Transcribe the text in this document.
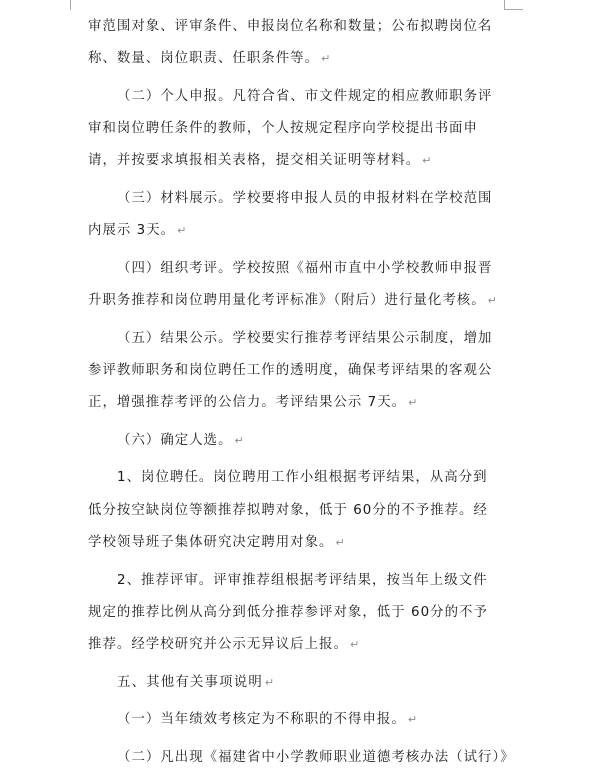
审范围对象、评审条件、申报岗位名称和数量；公布拟聘岗位名
称、数量、岗位职责、任职条件等。 ↵
（二）个人申报。凡符合省、市文件规定的相应教师职务评
审和岗位聘任条件的教师，个人按规定程序向学校提出书面申
请，并按要求填报相关表格，提交相关证明等材料。 ↵
（三）材料展示。学校要将申报人员的申报材料在学校范围
内展示 3天。 ↵
（四）组织考评。学校按照《福州市直中小学校教师申报晋
升职务推荐和岗位聘用量化考评标准》（附后）进行量化考核。 ↵
（五）结果公示。学校要实行推荐考评结果公示制度，增加
参评教师职务和岗位聘任工作的透明度，确保考评结果的客观公
正，增强推荐考评的公信力。考评结果公示 7天。 ↵
（六）确定人选。 ↵
1、岗位聘任。岗位聘用工作小组根据考评结果，从高分到
低分按空缺岗位等额推荐拟聘对象，低于 60分的不予推荐。经
学校领导班子集体研究决定聘用对象。 ↵
2、推荐评审。评审推荐组根据考评结果，按当年上级文件
规定的推荐比例从高分到低分推荐参评对象，低于 60分的不予
推荐。经学校研究并公示无异议后上报。 ↵
五、其他有关事项说明 ↵
（一）当年绩效考核定为不称职的不得申报。 ↵
（二）凡出现《福建省中小学教师职业道德考核办法（试行）》
